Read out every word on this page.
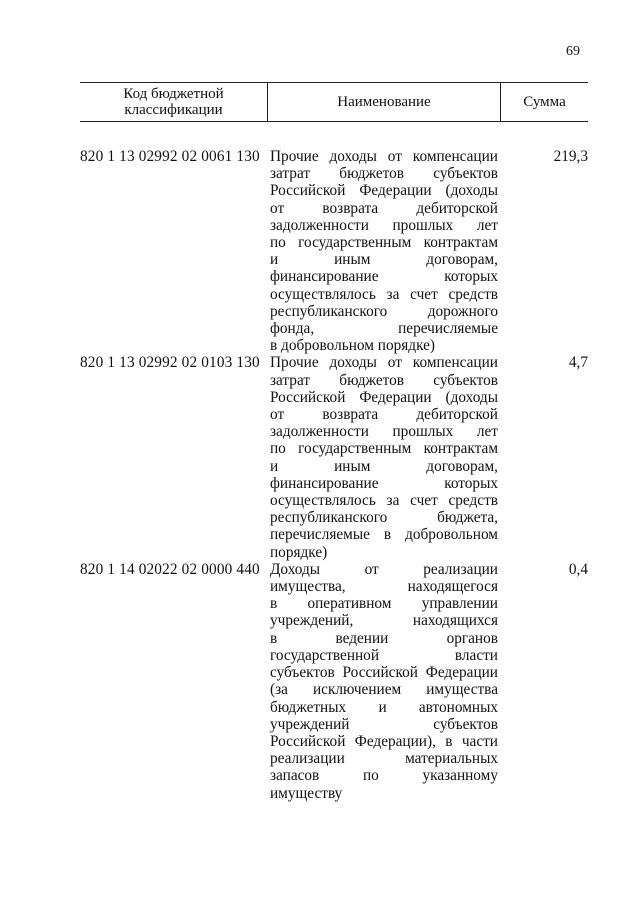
69
Код бюджетной
классификации	Наименование	Сумма
820 1 13 02992 02 0061 130 Прочие доходы от компенсации
затрат бюджетов субъектов
Российской Федерации (доходы
от возврата дебиторской
задолженности прошлых лет
по государственным контрактам
и иным договорам,
финансирование которых
осуществлялось за счет средств
республиканского дорожного
фонда, перечисляемые
в добровольном порядке)
219,3
820 1 13 02992 02 0103 130 Прочие доходы от компенсации
затрат бюджетов субъектов
Российской Федерации (доходы
от возврата дебиторской
задолженности прошлых лет
по государственным контрактам
и иным договорам,
финансирование которых
осуществлялось за счет средств
республиканского бюджета,
перечисляемые в добровольном
порядке)
4,7
820 1 14 02022 02 0000 440 Доходы от реализации
имущества, находящегося
в оперативном управлении
учреждений, находящихся
в ведении органов
государственной власти
субъектов Российской Федерации
(за исключением имущества
бюджетных и автономных
учреждений субъектов
Российской Федерации), в части
реализации материальных
запасов по указанному
имуществу
0,4
